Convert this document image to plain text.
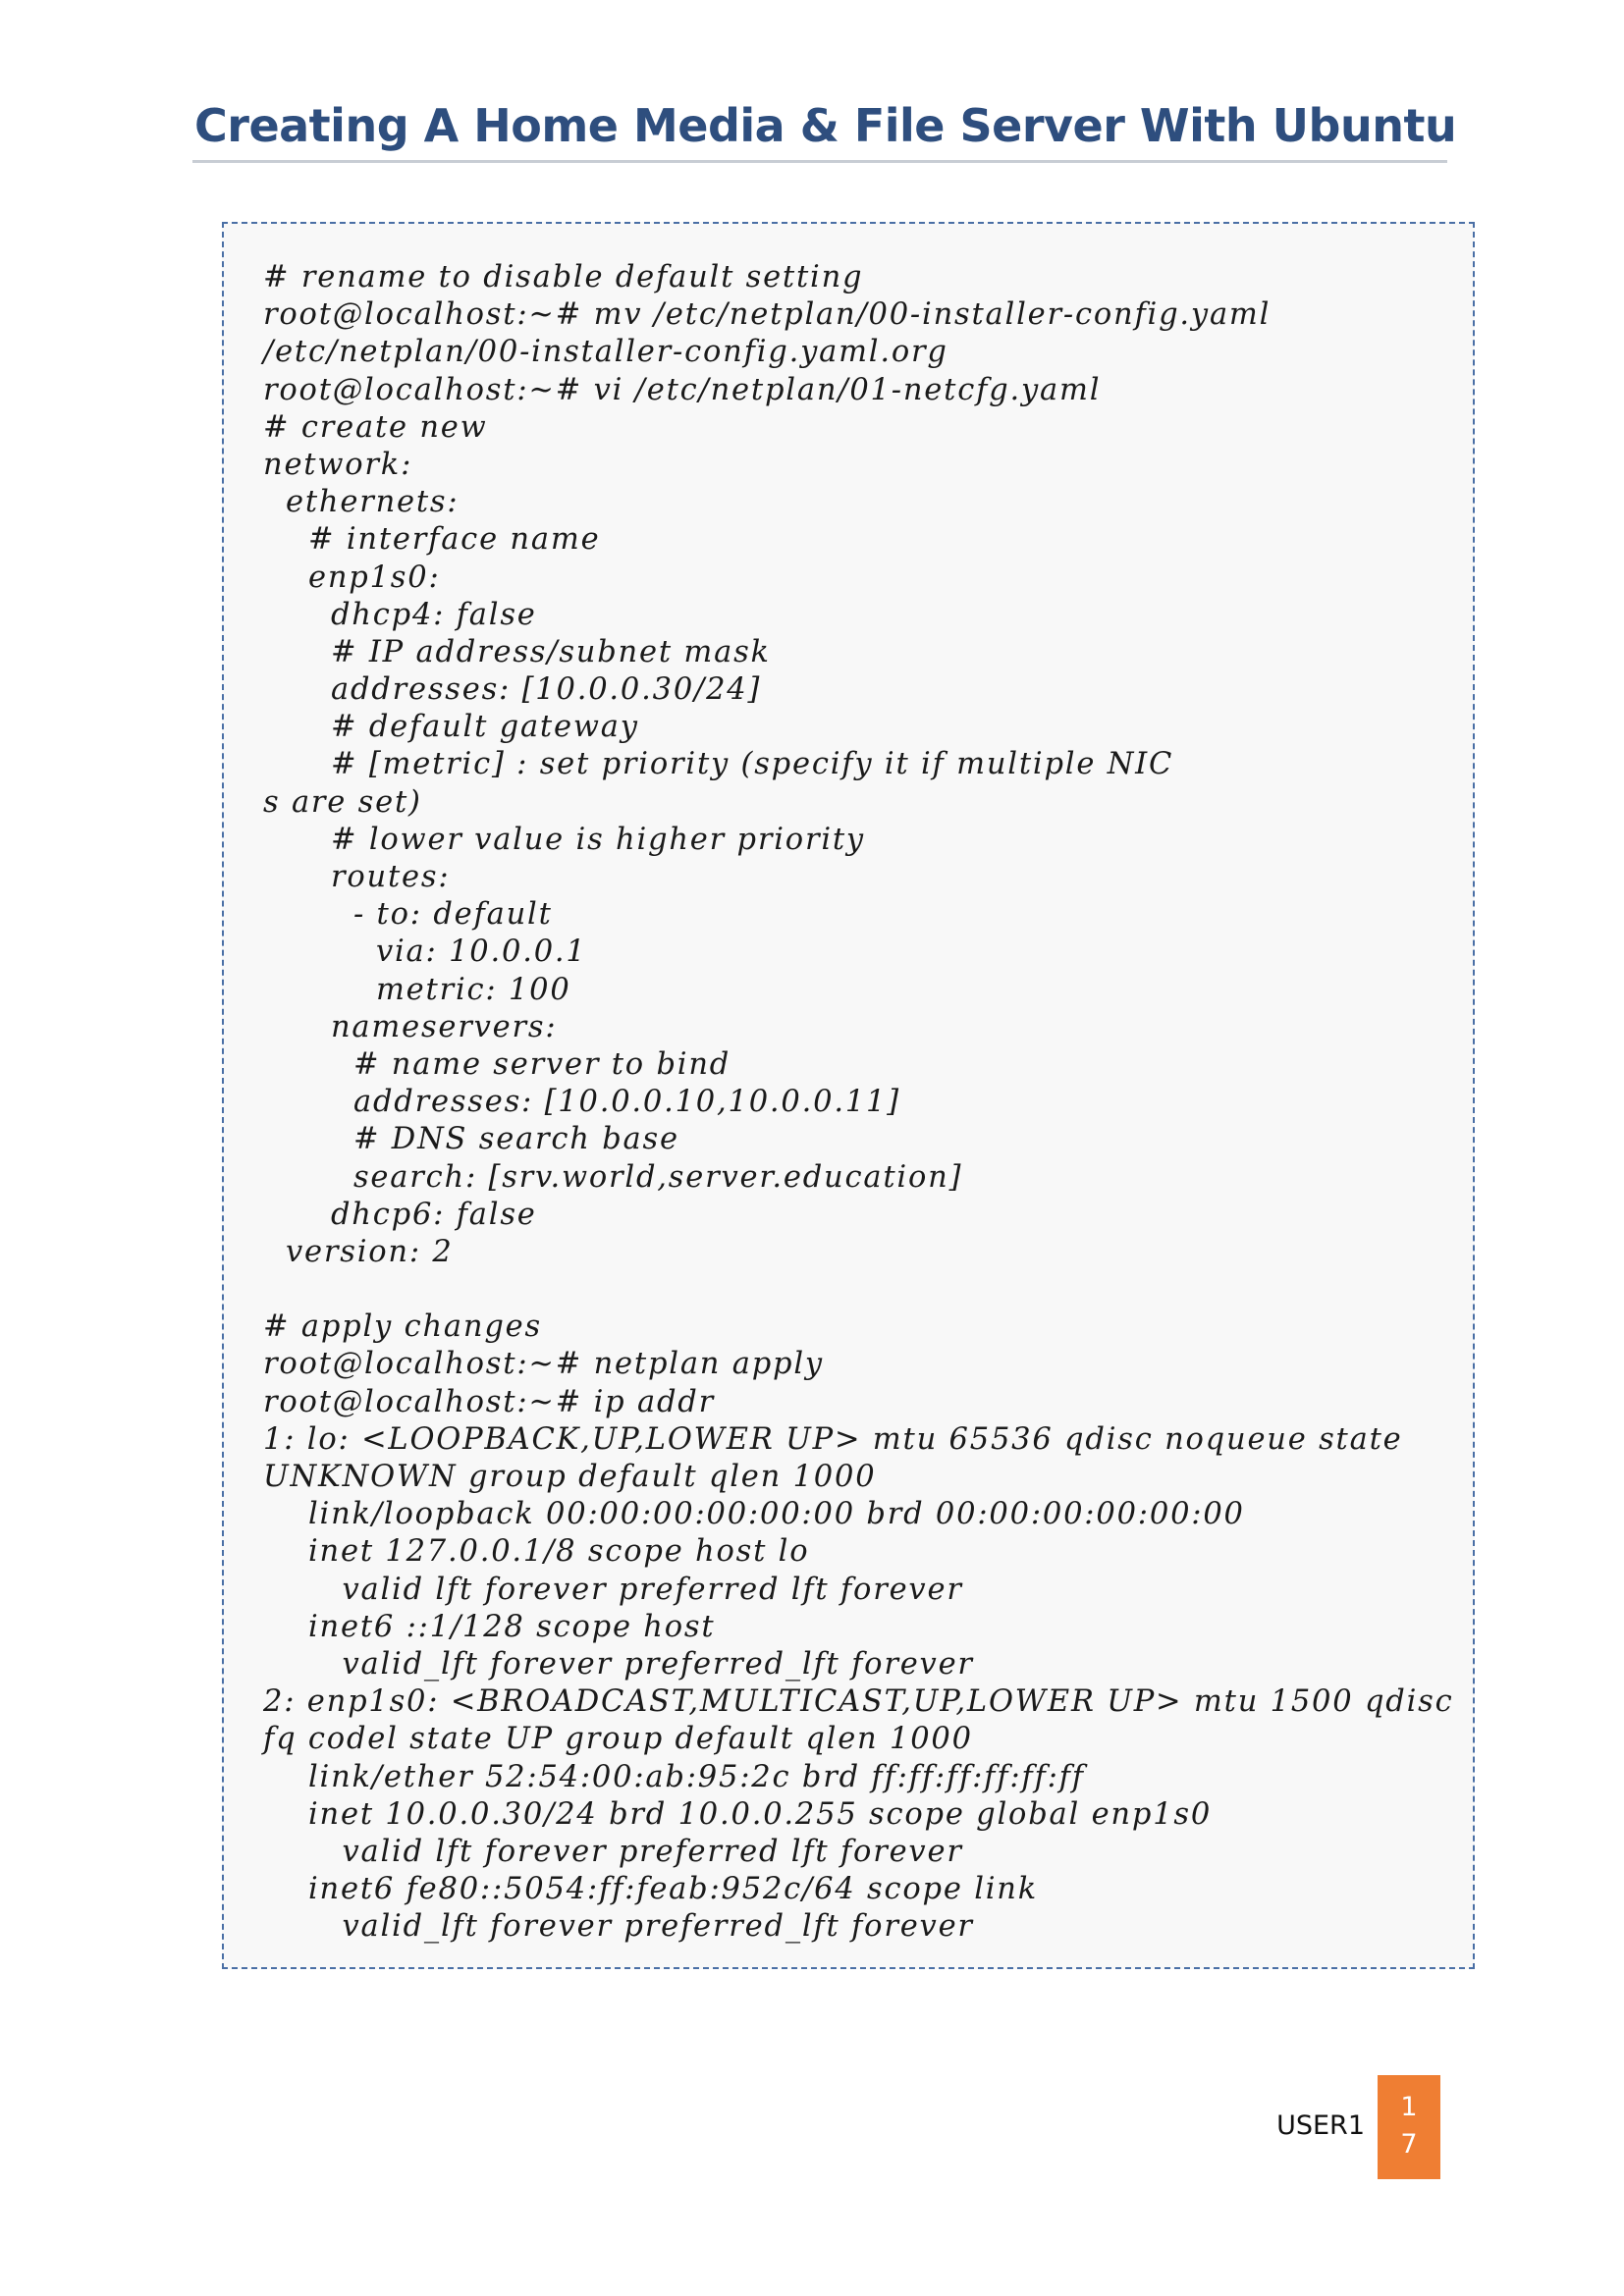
Creating A Home Media & File Server With Ubuntu
# rename to disable default setting
root@localhost:~# mv /etc/netplan/00-installer-config.yaml
/etc/netplan/00-installer-config.yaml.org
root@localhost:~# vi /etc/netplan/01-netcfg.yaml
# create new
network:
ethernets:
# interface name
enp1s0:
dhcp4: false
# IP address/subnet mask
addresses: [10.0.0.30/24]
# default gateway
# [metric] : set priority (specify it if multiple NIC
s are set)
# lower value is higher priority
routes:
- to: default
via: 10.0.0.1
metric: 100
nameservers:
# name server to bind
addresses: [10.0.0.10,10.0.0.11]
# DNS search base
search: [srv.world,server.education]
dhcp6: false
version: 2
# apply changes
root@localhost:~# netplan apply
root@localhost:~# ip addr
1: lo: <LOOPBACK,UP,LOWER UP> mtu 65536 qdisc noqueue state
UNKNOWN group default qlen 1000
link/loopback 00:00:00:00:00:00 brd 00:00:00:00:00:00
inet 127.0.0.1/8 scope host lo
valid lft forever preferred lft forever
inet6 ::1/128 scope host
valid_lft forever preferred_lft forever
2: enp1s0: <BROADCAST,MULTICAST,UP,LOWER UP> mtu 1500 qdisc
fq codel state UP group default qlen 1000
link/ether 52:54:00:ab:95:2c brd ff:ff:ff:ff:ff:ff
inet 10.0.0.30/24 brd 10.0.0.255 scope global enp1s0
valid lft forever preferred lft forever
inet6 fe80::5054:ff:feab:952c/64 scope link
valid_lft forever preferred_lft forever
USER1
1
7
